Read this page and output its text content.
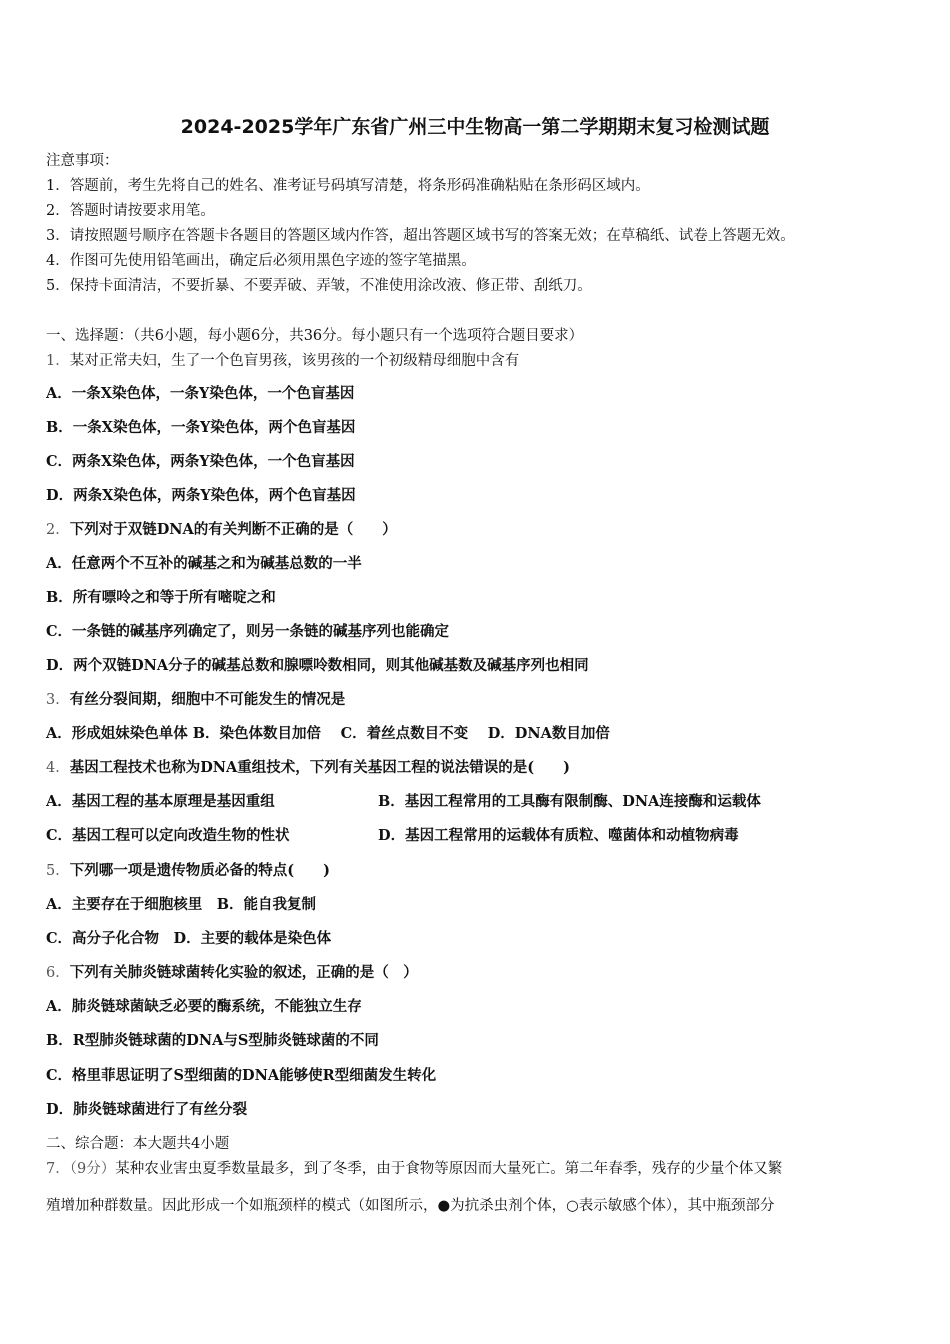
2024-2025学年广东省广州三中生物高一第二学期期末复习检测试题
注意事项：
1．答题前，考生先将自己的姓名、准考证号码填写清楚，将条形码准确粘贴在条形码区域内。
2．答题时请按要求用笔。
3．请按照题号顺序在答题卡各题目的答题区域内作答，超出答题区域书写的答案无效；在草稿纸、试卷上答题无效。
4．作图可先使用铅笔画出，确定后必须用黑色字迹的签字笔描黑。
5．保持卡面清洁，不要折暴、不要弄破、弄皱，不准使用涂改液、修正带、刮纸刀。
一、选择题：（共6小题，每小题6分，共36分。每小题只有一个选项符合题目要求）
1．某对正常夫妇，生了一个色盲男孩，该男孩的一个初级精母细胞中含有
A．一条X染色体，一条Y染色体，一个色盲基因
B．一条X染色体，一条Y染色体，两个色盲基因
C．两条X染色体，两条Y染色体，一个色盲基因
D．两条X染色体，两条Y染色体，两个色盲基因
2．下列对于双链DNA的有关判断不正确的是（　　）
A．任意两个不互补的碱基之和为碱基总数的一半
B．所有嘌呤之和等于所有嘧啶之和
C．一条链的碱基序列确定了，则另一条链的碱基序列也能确定
D．两个双链DNA分子的碱基总数和腺嘌呤数相同，则其他碱基数及碱基序列也相同
3．有丝分裂间期，细胞中不可能发生的情况是
A．形成姐妹染色单体 B．染色体数目加倍　 C．着丝点数目不变　 D．DNA数目加倍
4．基因工程技术也称为DNA重组技术，下列有关基因工程的说法错误的是(　　)
A．基因工程的基本原理是基因重组	B．基因工程常用的工具酶有限制酶、DNA连接酶和运载体
C．基因工程可以定向改造生物的性状	D．基因工程常用的运载体有质粒、噬菌体和动植物病毒
5．下列哪一项是遗传物质必备的特点(　　)
A．主要存在于细胞核里　B．能自我复制
C．高分子化合物　D．主要的载体是染色体
6．下列有关肺炎链球菌转化实验的叙述，正确的是（　）
A．肺炎链球菌缺乏必要的酶系统，不能独立生存
B．R型肺炎链球菌的DNA与S型肺炎链球菌的不同
C．格里菲思证明了S型细菌的DNA能够使R型细菌发生转化
D．肺炎链球菌进行了有丝分裂
二、综合题：本大题共4小题
7．（9分）某种农业害虫夏季数量最多，到了冬季，由于食物等原因而大量死亡。第二年春季，残存的少量个体又繁
殖增加种群数量。因此形成一个如瓶颈样的模式（如图所示，●为抗杀虫剂个体，○表示敏感个体），其中瓶颈部分
